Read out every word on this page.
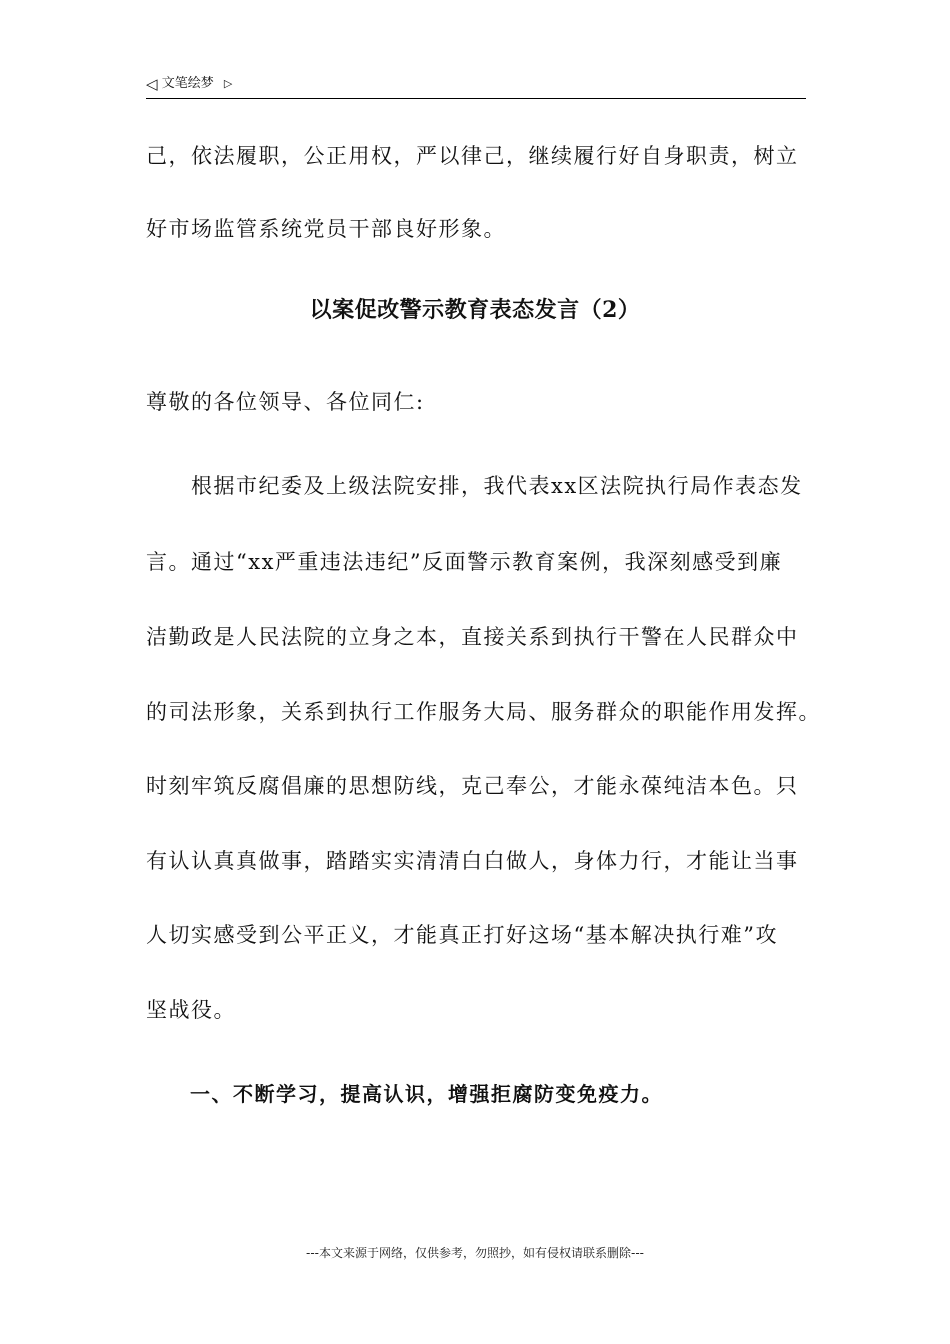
◁ 文笔绘梦 ▷

己，依法履职，公正用权，严以律己，继续履行好自身职责，树立

好市场监管系统党员干部良好形象。

以案促改警示教育表态发言（2）

尊敬的各位领导、各位同仁:

　　根据市纪委及上级法院安排，我代表xx区法院执行局作表态发

言。通过“xx严重违法违纪”反面警示教育案例，我深刻感受到廉

洁勤政是人民法院的立身之本，直接关系到执行干警在人民群众中

的司法形象，关系到执行工作服务大局、服务群众的职能作用发挥。

时刻牢筑反腐倡廉的思想防线，克己奉公，才能永葆纯洁本色。只

有认认真真做事，踏踏实实清清白白做人，身体力行，才能让当事

人切实感受到公平正义，才能真正打好这场“基本解决执行难”攻

坚战役。

一、不断学习，提高认识，增强拒腐防变免疫力。

---本文来源于网络，仅供参考，勿照抄，如有侵权请联系删除---
